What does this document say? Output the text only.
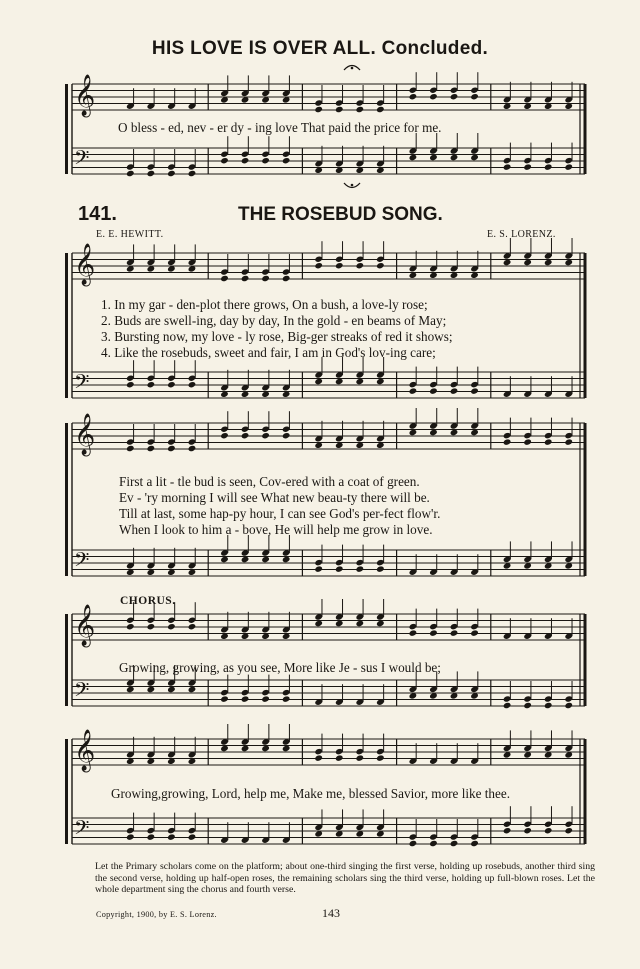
HIS LOVE IS OVER ALL. Concluded.
𝄞
𝄢
𝄞
𝄢
𝄞
𝄢
𝄞
𝄢
𝄞
𝄢
O bless - ed, nev - er dy - ing love That paid the price for me.
141.	THE ROSEBUD SONG.
E. E. HEWITT.	E. S. LORENZ.
1. In my gar - den-plot there grows, On a bush, a love-ly rose;
2. Buds are swell-ing, day by day, In the gold - en beams of May;
3. Bursting now, my love - ly rose, Big-ger streaks of red it shows;
4. Like the rosebuds, sweet and fair, I am in God's lov-ing care;
First a lit - tle bud is seen, Cov-ered with a coat of green.
Ev - 'ry morning I will see What new beau-ty there will be.
Till at last, some hap-py hour, I can see God's per-fect flow'r.
When I look to him a - bove, He will help me grow in love.
CHORUS.
Growing, growing, as you see, More like Je - sus I would be;
Growing,growing, Lord, help me, Make me, blessed Savior, more like thee.
Let the Primary scholars come on the platform; about one-third singing the first verse, holding up rosebuds, another third sing the second verse, holding up half-open roses, the remaining scholars sing the third verse, holding up full-blown roses. Let the whole department sing the chorus and fourth verse.
Copyright, 1900, by E. S. Lorenz.	143
